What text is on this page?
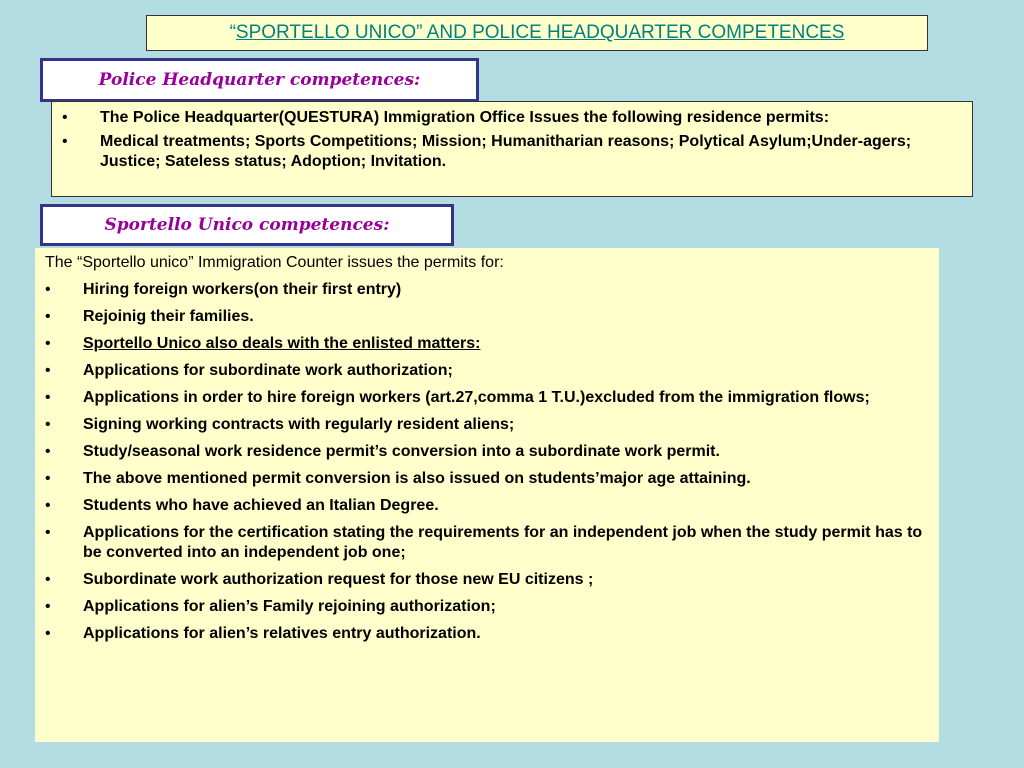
“ SPORTELLO UNICO” AND POLICE HEADQUARTER COMPETENCES
Police Headquarter competences:
•	The Police Headquarter(QUESTURA) Immigration Office Issues the following residence permits:
•	Medical treatments; Sports Competitions; Mission; Humanitharian reasons; Polytical Asylum;Under-agers; Justice; Sateless status; Adoption; Invitation.
Sportello Unico competences:

The “Sportello unico” Immigration Counter issues the permits for:

•	Hiring foreign workers(on their first entry)
•	Rejoinig their families.
•	Sportello Unico also deals with the enlisted matters:
•	Applications for subordinate work authorization;
•	Applications in order to hire foreign workers (art.27,comma 1 T.U.)excluded from the immigration flows;
•	Signing working contracts with regularly resident aliens;
•	Study/seasonal work residence permit’s conversion into a subordinate work permit.
•	The above mentioned permit conversion is also issued on students’major age attaining.
•	Students who have achieved an Italian Degree.
•	Applications for the certification stating the requirements for an independent job when the study permit has to be converted into an independent job one;
•	Subordinate work authorization request for those new EU citizens ;
•	Applications for alien’s Family rejoining authorization;
•	Applications for alien’s relatives entry authorization.
